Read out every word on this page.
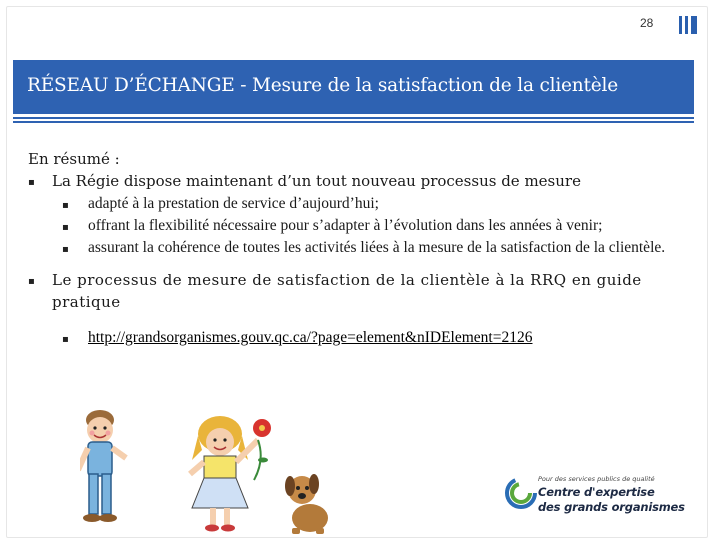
28
RÉSEAU D’ÉCHANGE - Mesure de la satisfaction de la clientèle

En résumé :

▪ La Régie dispose maintenant d’un tout nouveau processus de mesure
▪ adapté à la prestation de service d’aujourd’hui;
▪ offrant la flexibilité nécessaire pour s’adapter à l’évolution dans les années à venir;
▪ assurant la cohérence de toutes les activités liées à la mesure de la satisfaction de la clientèle.
▪ Le processus de mesure de satisfaction de la clientèle à la RRQ en guide pratique
▪ http://grandsorganismes.gouv.qc.ca/?page=element&nIDElement=2126
Pour des services publics de qualité
Centre d'expertise
des grands organismes
